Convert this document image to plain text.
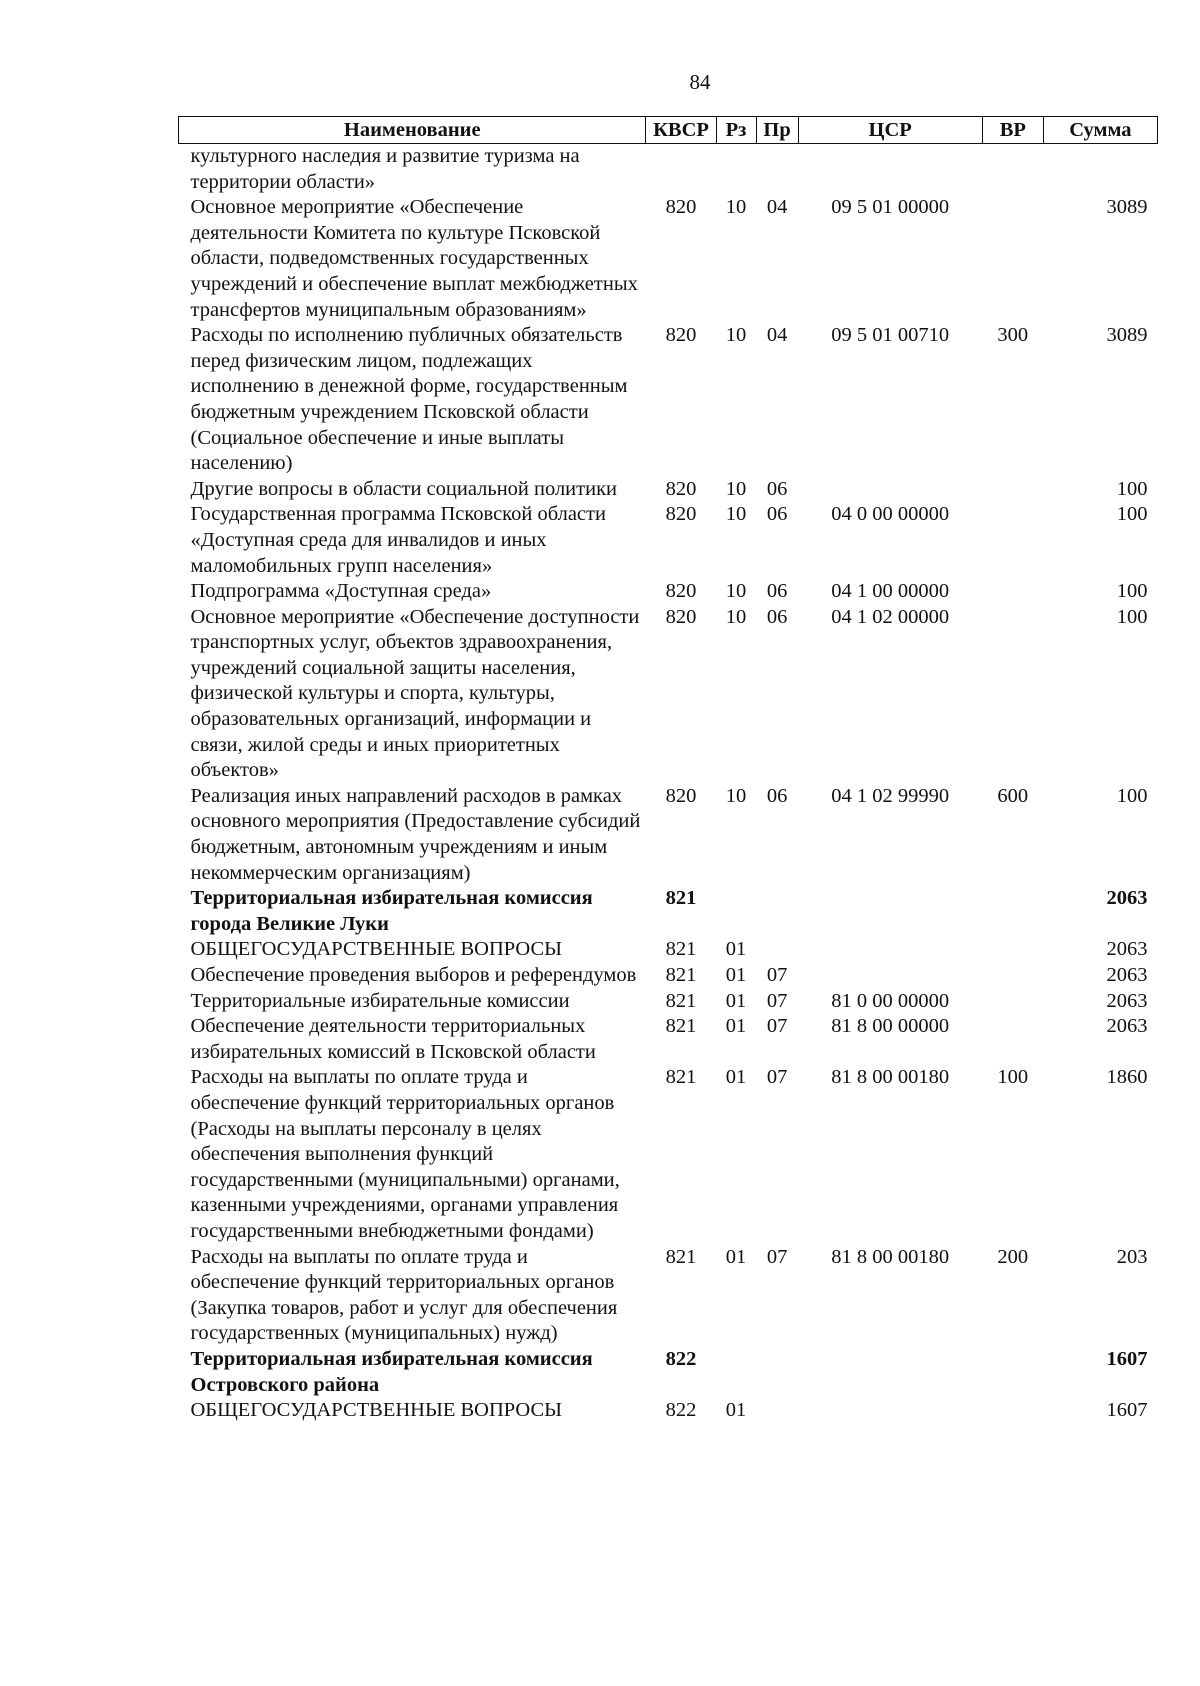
84
Наименование	КВСР	Рз	Пр	ЦСР	ВР	Сумма
культурного наследия и развитие туризма на территории области»						
Основное мероприятие «Обеспечение деятельности Комитета по культуре Псковской области, подведомственных государственных учреждений и обеспечение выплат межбюджетных трансфертов муниципальным образованиям»	820	10	04	09 5 01 00000		3089
Расходы по исполнению публичных обязательств перед физическим лицом, подлежащих исполнению в денежной форме, государственным бюджетным учреждением Псковской области (Социальное обеспечение и иные выплаты населению)	820	10	04	09 5 01 00710	300	3089
Другие вопросы в области социальной политики	820	10	06			100
Государственная программа Псковской области «Доступная среда для инвалидов и иных маломобильных групп населения»	820	10	06	04 0 00 00000		100
Подпрограмма «Доступная среда»	820	10	06	04 1 00 00000		100
Основное мероприятие «Обеспечение доступности транспортных услуг, объектов здравоохранения, учреждений социальной защиты населения, физической культуры и спорта, культуры, образовательных организаций, информации и связи, жилой среды и иных приоритетных объектов»	820	10	06	04 1 02 00000		100
Реализация иных направлений расходов в рамках основного мероприятия (Предоставление субсидий бюджетным, автономным учреждениям и иным некоммерческим организациям)	820	10	06	04 1 02 99990	600	100
Территориальная избирательная комиссия города Великие Луки	821					2063
ОБЩЕГОСУДАРСТВЕННЫЕ ВОПРОСЫ	821	01				2063
Обеспечение проведения выборов и референдумов	821	01	07			2063
Территориальные избирательные комиссии	821	01	07	81 0 00 00000		2063
Обеспечение деятельности территориальных избирательных комиссий в Псковской области	821	01	07	81 8 00 00000		2063
Расходы на выплаты по оплате труда и обеспечение функций территориальных органов (Расходы на выплаты персоналу в целях обеспечения выполнения функций государственными (муниципальными) органами, казенными учреждениями, органами управления государственными внебюджетными фондами)	821	01	07	81 8 00 00180	100	1860
Расходы на выплаты по оплате труда и обеспечение функций территориальных органов (Закупка товаров, работ и услуг для обеспечения государственных (муниципальных) нужд)	821	01	07	81 8 00 00180	200	203
Территориальная избирательная комиссия Островского района	822					1607
ОБЩЕГОСУДАРСТВЕННЫЕ ВОПРОСЫ	822	01				1607
